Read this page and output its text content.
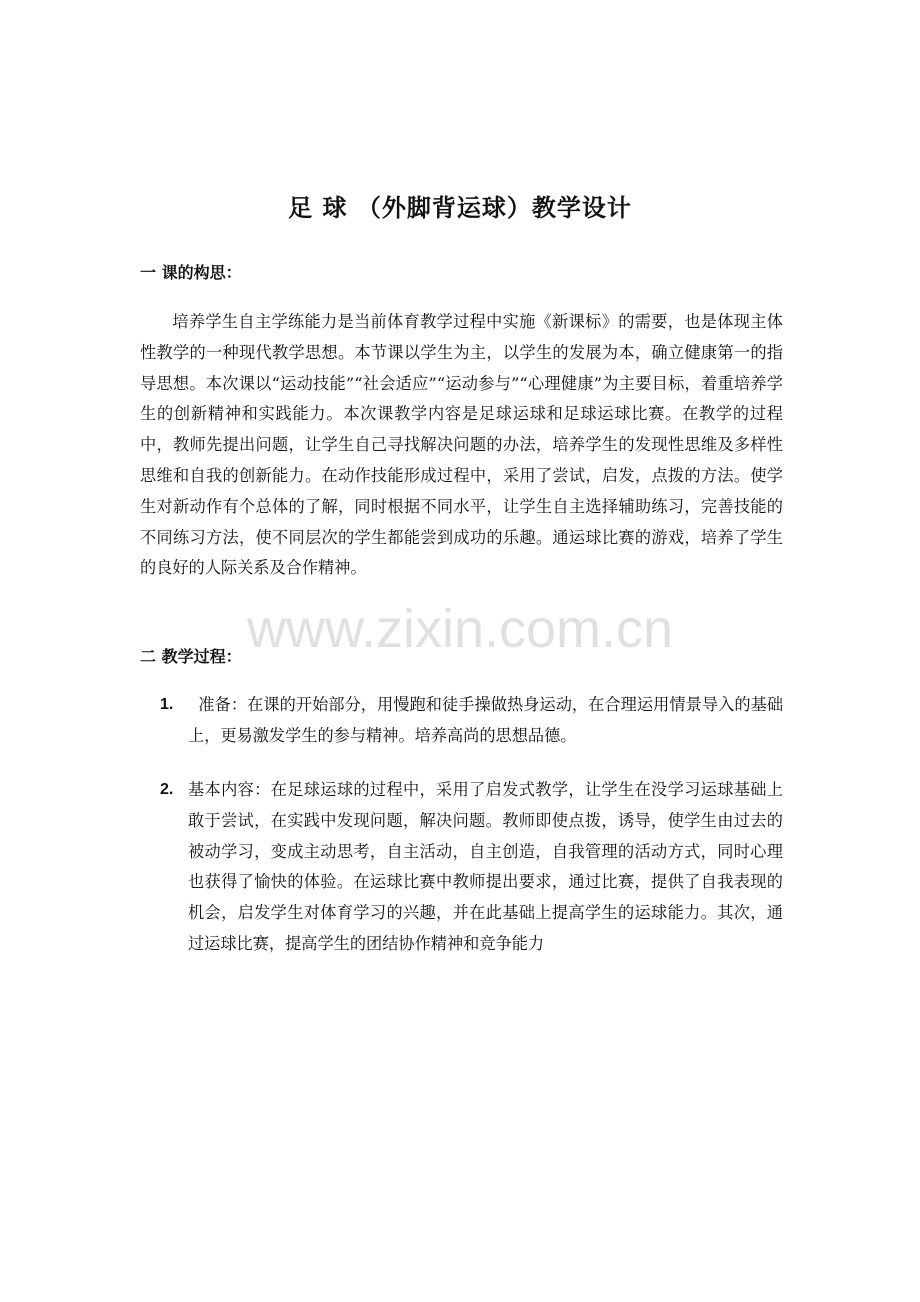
足 球 （外脚背运球）教学设计
一 课的构思：

培养学生自主学练能力是当前体育教学过程中实施《新课标》的需要，也是体现主体性教学的一种现代教学思想。本节课以学生为主，以学生的发展为本，确立健康第一的指导思想。本次课以“运动技能”“社会适应”“运动参与”“心理健康”为主要目标，着重培养学生的创新精神和实践能力。本次课教学内容是足球运球和足球运球比赛。在教学的过程中，教师先提出问题，让学生自己寻找解决问题的办法，培养学生的发现性思维及多样性思维和自我的创新能力。在动作技能形成过程中，采用了尝试，启发，点拨的方法。使学生对新动作有个总体的了解，同时根据不同水平，让学生自主选择辅助练习，完善技能的不同练习方法，使不同层次的学生都能尝到成功的乐趣。通运球比赛的游戏，培养了学生的良好的人际关系及合作精神。

www.zixin.com.cn
二 教学过程：
1. 准备：在课的开始部分，用慢跑和徒手操做热身运动，在合理运用情景导入的基础上，更易激发学生的参与精神。培养高尚的思想品德。
2. 基本内容：在足球运球的过程中，采用了启发式教学，让学生在没学习运球基础上敢于尝试，在实践中发现问题，解决问题。教师即使点拨，诱导，使学生由过去的被动学习，变成主动思考，自主活动，自主创造，自我管理的活动方式，同时心理也获得了愉快的体验。在运球比赛中教师提出要求，通过比赛，提供了自我表现的机会，启发学生对体育学习的兴趣，并在此基础上提高学生的运球能力。其次，通过运球比赛，提高学生的团结协作精神和竞争能力
